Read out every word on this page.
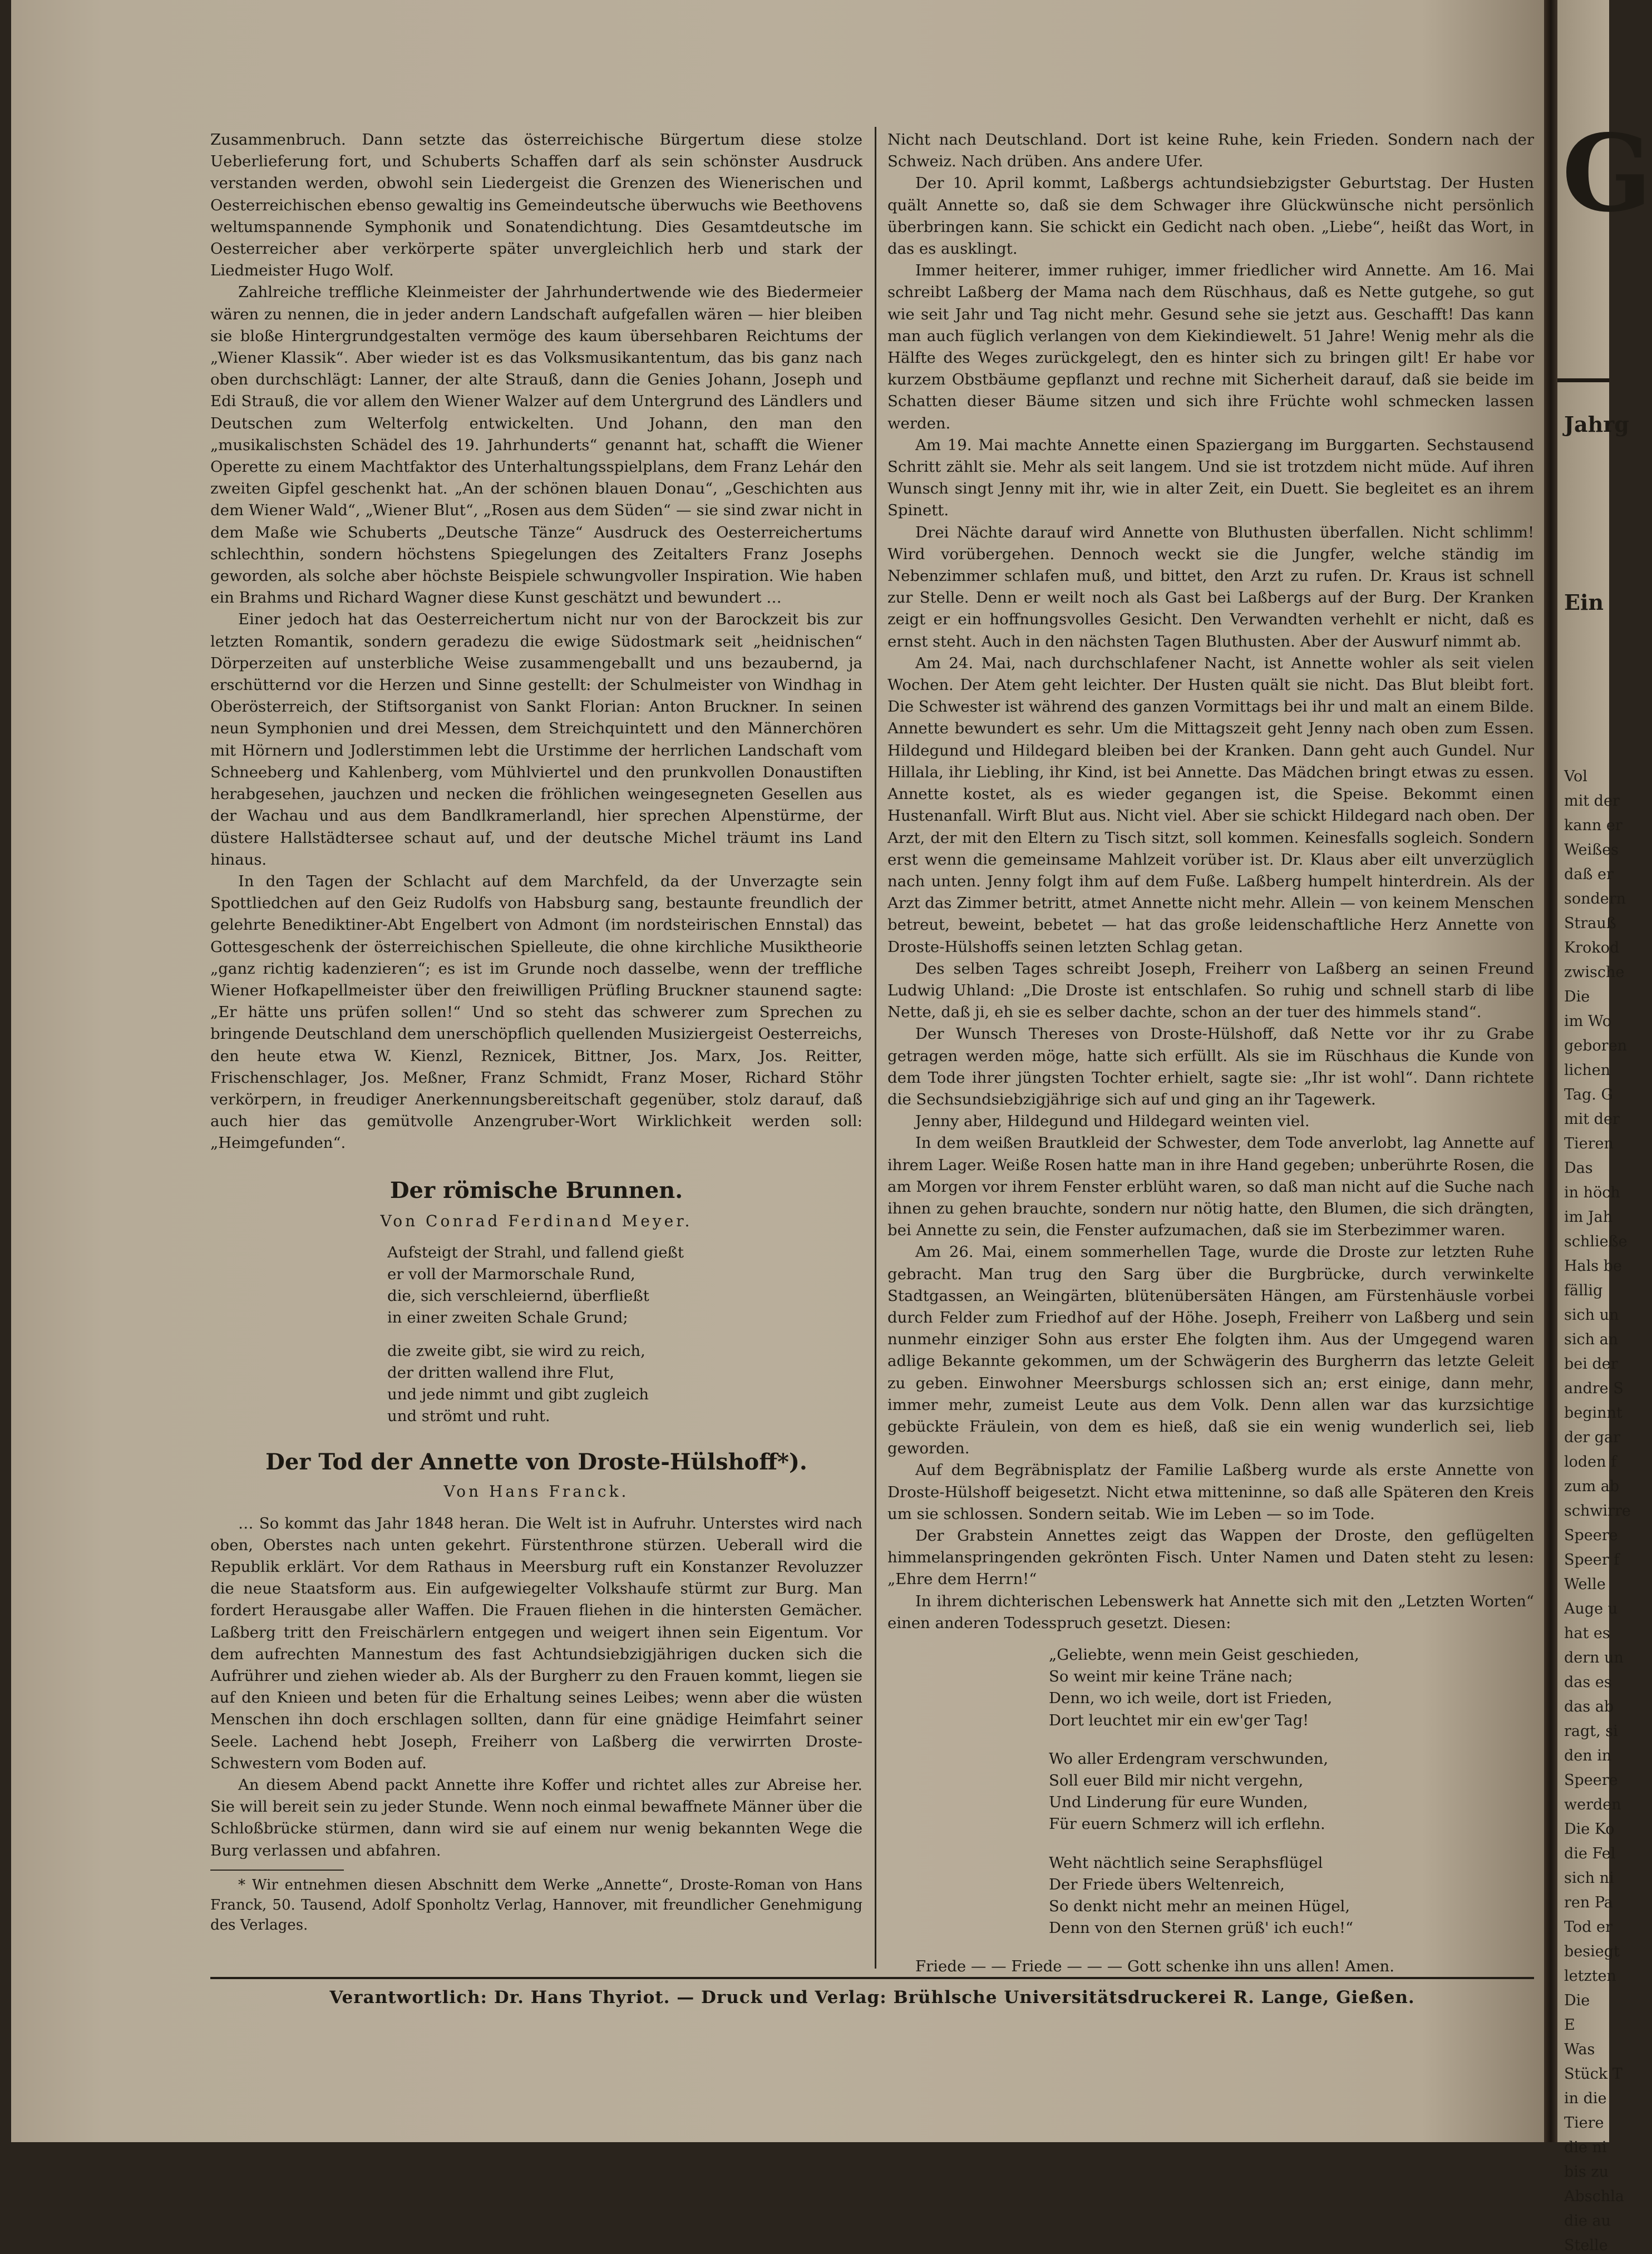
Zusammenbruch. Dann setzte das österreichische Bürgertum diese stolze Ueberlieferung fort, und Schuberts Schaffen darf als sein schönster Ausdruck verstanden werden, obwohl sein Liedergeist die Grenzen des Wienerischen und Oesterreichischen ebenso gewaltig ins Gemeindeutsche überwuchs wie Beethovens weltumspannende Symphonik und Sonatendichtung. Dies Gesamtdeutsche im Oesterreicher aber verkörperte später unvergleichlich herb und stark der Liedmeister Hugo Wolf.

Zahlreiche treffliche Kleinmeister der Jahrhundertwende wie des Biedermeier wären zu nennen, die in jeder andern Landschaft aufgefallen wären — hier bleiben sie bloße Hintergrundgestalten vermöge des kaum übersehbaren Reichtums der „Wiener Klassik“. Aber wieder ist es das Volksmusikantentum, das bis ganz nach oben durchschlägt: Lanner, der alte Strauß, dann die Genies Johann, Joseph und Edi Strauß, die vor allem den Wiener Walzer auf dem Untergrund des Ländlers und Deutschen zum Welterfolg entwickelten. Und Johann, den man den „musikalischsten Schädel des 19. Jahrhunderts“ genannt hat, schafft die Wiener Operette zu einem Machtfaktor des Unterhaltungsspielplans, dem Franz Lehár den zweiten Gipfel geschenkt hat. „An der schönen blauen Donau“, „Geschichten aus dem Wiener Wald“, „Wiener Blut“, „Rosen aus dem Süden“ — sie sind zwar nicht in dem Maße wie Schuberts „Deutsche Tänze“ Ausdruck des Oesterreichertums schlechthin, sondern höchstens Spiegelungen des Zeitalters Franz Josephs geworden, als solche aber höchste Beispiele schwungvoller Inspiration. Wie haben ein Brahms und Richard Wagner diese Kunst geschätzt und bewundert …

Einer jedoch hat das Oesterreichertum nicht nur von der Barockzeit bis zur letzten Romantik, sondern geradezu die ewige Südostmark seit „heidnischen“ Dörperzeiten auf unsterbliche Weise zusammengeballt und uns bezaubernd, ja erschütternd vor die Herzen und Sinne gestellt: der Schulmeister von Windhag in Oberösterreich, der Stiftsorganist von Sankt Florian: Anton Bruckner. In seinen neun Symphonien und drei Messen, dem Streichquintett und den Männerchören mit Hörnern und Jodlerstimmen lebt die Urstimme der herrlichen Landschaft vom Schneeberg und Kahlenberg, vom Mühlviertel und den prunkvollen Donaustiften herabgesehen, jauchzen und necken die fröhlichen weingesegneten Gesellen aus der Wachau und aus dem Bandlkramerlandl, hier sprechen Alpenstürme, der düstere Hallstädtersee schaut auf, und der deutsche Michel träumt ins Land hinaus.

In den Tagen der Schlacht auf dem Marchfeld, da der Unverzagte sein Spottliedchen auf den Geiz Rudolfs von Habsburg sang, bestaunte freundlich der gelehrte Benediktiner-Abt Engelbert von Admont (im nordsteirischen Ennstal) das Gottesgeschenk der österreichischen Spielleute, die ohne kirchliche Musiktheorie „ganz richtig kadenzieren“; es ist im Grunde noch dasselbe, wenn der treffliche Wiener Hofkapellmeister über den freiwilligen Prüfling Bruckner staunend sagte: „Er hätte uns prüfen sollen!“ Und so steht das schwerer zum Sprechen zu bringende Deutschland dem unerschöpflich quellenden Musiziergeist Oesterreichs, den heute etwa W. Kienzl, Reznicek, Bittner, Jos. Marx, Jos. Reitter, Frischenschlager, Jos. Meßner, Franz Schmidt, Franz Moser, Richard Stöhr verkörpern, in freudiger Anerkennungsbereitschaft gegenüber, stolz darauf, daß auch hier das gemütvolle Anzengruber-Wort Wirklichkeit werden soll: „Heimgefunden“.

Der römische Brunnen.
Von Conrad Ferdinand Meyer.
Aufsteigt der Strahl, und fallend gießt
er voll der Marmorschale Rund,
die, sich verschleiernd, überfließt
in einer zweiten Schale Grund;
die zweite gibt, sie wird zu reich,
der dritten wallend ihre Flut,
und jede nimmt und gibt zugleich
und strömt und ruht.
Der Tod der Annette von Droste-Hülshoff*).
Von Hans Franck.

… So kommt das Jahr 1848 heran. Die Welt ist in Aufruhr. Unterstes wird nach oben, Oberstes nach unten gekehrt. Fürstenthrone stürzen. Ueberall wird die Republik erklärt. Vor dem Rathaus in Meersburg ruft ein Konstanzer Revoluzzer die neue Staatsform aus. Ein aufgewiegelter Volkshaufe stürmt zur Burg. Man fordert Herausgabe aller Waffen. Die Frauen fliehen in die hintersten Gemächer. Laßberg tritt den Freischärlern entgegen und weigert ihnen sein Eigentum. Vor dem aufrechten Mannestum des fast Achtundsiebzigjährigen ducken sich die Aufrührer und ziehen wieder ab. Als der Burgherr zu den Frauen kommt, liegen sie auf den Knieen und beten für die Erhaltung seines Leibes; wenn aber die wüsten Menschen ihn doch erschlagen sollten, dann für eine gnädige Heimfahrt seiner Seele. Lachend hebt Joseph, Freiherr von Laßberg die verwirrten Droste-Schwestern vom Boden auf.

An diesem Abend packt Annette ihre Koffer und richtet alles zur Abreise her. Sie will bereit sein zu jeder Stunde. Wenn noch einmal bewaffnete Männer über die Schloßbrücke stürmen, dann wird sie auf einem nur wenig bekannten Wege die Burg verlassen und abfahren.

* Wir entnehmen diesen Abschnitt dem Werke „Annette“, Droste-Roman von Hans Franck, 50. Tausend, Adolf Sponholtz Verlag, Hannover, mit freundlicher Genehmigung des Verlages.

Nicht nach Deutschland. Dort ist keine Ruhe, kein Frieden. Sondern nach der Schweiz. Nach drüben. Ans andere Ufer.

Der 10. April kommt, Laßbergs achtundsiebzigster Geburtstag. Der Husten quält Annette so, daß sie dem Schwager ihre Glückwünsche nicht persönlich überbringen kann. Sie schickt ein Gedicht nach oben. „Liebe“, heißt das Wort, in das es ausklingt.

Immer heiterer, immer ruhiger, immer friedlicher wird Annette. Am 16. Mai schreibt Laßberg der Mama nach dem Rüschhaus, daß es Nette gutgehe, so gut wie seit Jahr und Tag nicht mehr. Gesund sehe sie jetzt aus. Geschafft! Das kann man auch füglich verlangen von dem Kiekindiewelt. 51 Jahre! Wenig mehr als die Hälfte des Weges zurückgelegt, den es hinter sich zu bringen gilt! Er habe vor kurzem Obstbäume gepflanzt und rechne mit Sicherheit darauf, daß sie beide im Schatten dieser Bäume sitzen und sich ihre Früchte wohl schmecken lassen werden.

Am 19. Mai machte Annette einen Spaziergang im Burggarten. Sechstausend Schritt zählt sie. Mehr als seit langem. Und sie ist trotzdem nicht müde. Auf ihren Wunsch singt Jenny mit ihr, wie in alter Zeit, ein Duett. Sie begleitet es an ihrem Spinett.

Drei Nächte darauf wird Annette von Bluthusten überfallen. Nicht schlimm! Wird vorübergehen. Dennoch weckt sie die Jungfer, welche ständig im Nebenzimmer schlafen muß, und bittet, den Arzt zu rufen. Dr. Kraus ist schnell zur Stelle. Denn er weilt noch als Gast bei Laßbergs auf der Burg. Der Kranken zeigt er ein hoffnungsvolles Gesicht. Den Verwandten verhehlt er nicht, daß es ernst steht. Auch in den nächsten Tagen Bluthusten. Aber der Auswurf nimmt ab.

Am 24. Mai, nach durchschlafener Nacht, ist Annette wohler als seit vielen Wochen. Der Atem geht leichter. Der Husten quält sie nicht. Das Blut bleibt fort. Die Schwester ist während des ganzen Vormittags bei ihr und malt an einem Bilde. Annette bewundert es sehr. Um die Mittagszeit geht Jenny nach oben zum Essen. Hildegund und Hildegard bleiben bei der Kranken. Dann geht auch Gundel. Nur Hillala, ihr Liebling, ihr Kind, ist bei Annette. Das Mädchen bringt etwas zu essen. Annette kostet, als es wieder gegangen ist, die Speise. Bekommt einen Hustenanfall. Wirft Blut aus. Nicht viel. Aber sie schickt Hildegard nach oben. Der Arzt, der mit den Eltern zu Tisch sitzt, soll kommen. Keinesfalls sogleich. Sondern erst wenn die gemeinsame Mahlzeit vorüber ist. Dr. Klaus aber eilt unverzüglich nach unten. Jenny folgt ihm auf dem Fuße. Laßberg humpelt hinterdrein. Als der Arzt das Zimmer betritt, atmet Annette nicht mehr. Allein — von keinem Menschen betreut, beweint, bebetet — hat das große leidenschaftliche Herz Annette von Droste-Hülshoffs seinen letzten Schlag getan.

Des selben Tages schreibt Joseph, Freiherr von Laßberg an seinen Freund Ludwig Uhland: „Die Droste ist entschlafen. So ruhig und schnell starb di libe Nette, daß ji, eh sie es selber dachte, schon an der tuer des himmels stand“.

Der Wunsch Thereses von Droste-Hülshoff, daß Nette vor ihr zu Grabe getragen werden möge, hatte sich erfüllt. Als sie im Rüschhaus die Kunde von dem Tode ihrer jüngsten Tochter erhielt, sagte sie: „Ihr ist wohl“. Dann richtete die Sechsundsiebzigjährige sich auf und ging an ihr Tagewerk.

Jenny aber, Hildegund und Hildegard weinten viel.

In dem weißen Brautkleid der Schwester, dem Tode anverlobt, lag Annette auf ihrem Lager. Weiße Rosen hatte man in ihre Hand gegeben; unberührte Rosen, die am Morgen vor ihrem Fenster erblüht waren, so daß man nicht auf die Suche nach ihnen zu gehen brauchte, sondern nur nötig hatte, den Blumen, die sich drängten, bei Annette zu sein, die Fenster aufzumachen, daß sie im Sterbezimmer waren.

Am 26. Mai, einem sommerhellen Tage, wurde die Droste zur letzten Ruhe gebracht. Man trug den Sarg über die Burgbrücke, durch verwinkelte Stadtgassen, an Weingärten, blütenübersäten Hängen, am Fürstenhäusle vorbei durch Felder zum Friedhof auf der Höhe. Joseph, Freiherr von Laßberg und sein nunmehr einziger Sohn aus erster Ehe folgten ihm. Aus der Umgegend waren adlige Bekannte gekommen, um der Schwägerin des Burgherrn das letzte Geleit zu geben. Einwohner Meersburgs schlossen sich an; erst einige, dann mehr, immer mehr, zumeist Leute aus dem Volk. Denn allen war das kurzsichtige gebückte Fräulein, von dem es hieß, daß sie ein wenig wunderlich sei, lieb geworden.

Auf dem Begräbnisplatz der Familie Laßberg wurde als erste Annette von Droste-Hülshoff beigesetzt. Nicht etwa mitteninne, so daß alle Späteren den Kreis um sie schlossen. Sondern seitab. Wie im Leben — so im Tode.

Der Grabstein Annettes zeigt das Wappen der Droste, den geflügelten himmelanspringenden gekrönten Fisch. Unter Namen und Daten steht zu lesen: „Ehre dem Herrn!“

In ihrem dichterischen Lebenswerk hat Annette sich mit den „Letzten Worten“ einen anderen Todesspruch gesetzt. Diesen:

„Geliebte, wenn mein Geist geschieden,
So weint mir keine Träne nach;
Denn, wo ich weile, dort ist Frieden,
Dort leuchtet mir ein ew'ger Tag!
Wo aller Erdengram verschwunden,
Soll euer Bild mir nicht vergehn,
Und Linderung für eure Wunden,
Für euern Schmerz will ich erflehn.
Weht nächtlich seine Seraphsflügel
Der Friede übers Weltenreich,
So denkt nicht mehr an meinen Hügel,
Denn von den Sternen grüß' ich euch!“

Friede — — Friede — — — Gott schenke ihn uns allen! Amen.

Verantwortlich: Dr. Hans Thyriot. — Druck und Verlag: Brühlsche Universitätsdruckerei R. Lange, Gießen.
G
Jahrg
Ein
Vol
mit der
kann er
Weißes
daß er
sondern
Strauß
Krokod
zwische
Die
im Wo
geboren
lichen
Tag. G
mit der
Tieren
Das
in höch
im Jah
schließe
Hals be
fällig
sich un
sich an
bei der
andre S
beginnt
der gar
loden f
zum ab
schwirre
Speere
Speer f
Welle
Auge u
hat es
dern un
das es
das ab
ragt, si
den in
Speere
werden
Die Ko
die Fel
sich ni
ren Pa
Tod er
besiegt
letzten
Die
E
Was
Stück T
in die
Tiere
die ni
bis zu
Abschla
die au
Stelle
